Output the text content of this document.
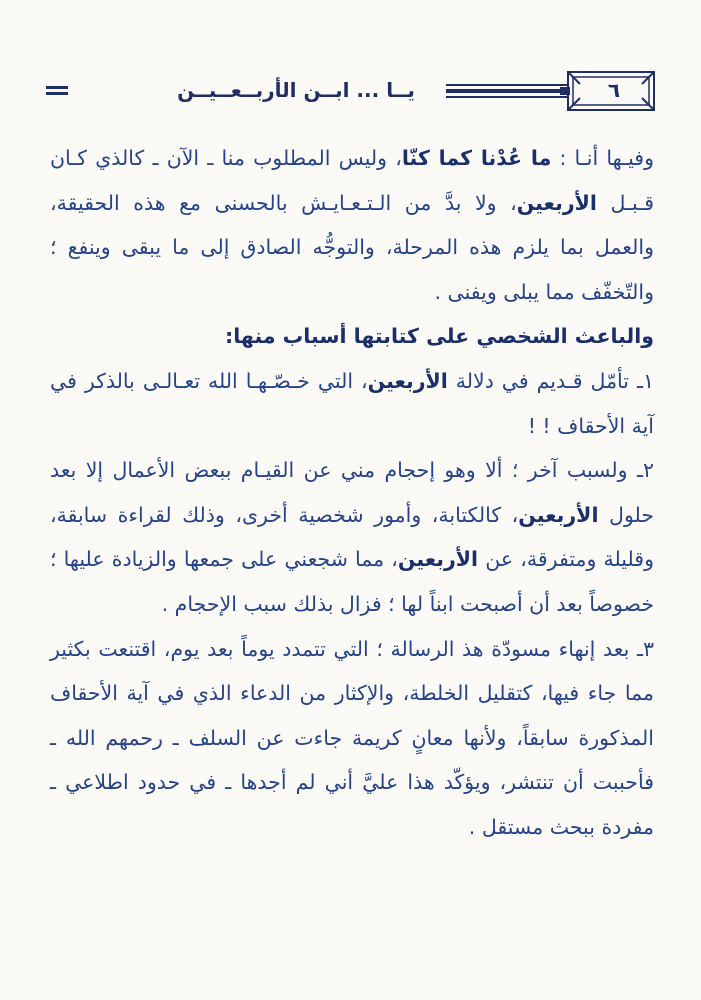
يــا ... ابــن الأربــعــيــن	٦

وفيـها أنـا : ما عُدْنا كما كنّا، وليس المطلوب منا ـ الآن ـ كالذي كـان قـبـل الأربعين، ولا بدَّ من الـتـعـايـش بالحسنى مع هذه الحقيقة، والعمل بما يلزم هذه المرحلة، والتوجُّه الصادق إلى ما يبقى وينفع ؛ والتّخفّف مما يبلى ويفنى .

والباعث الشخصي على كتابتها أسباب منها:

١ـ تأمّل قـديم في دلالة الأربعين، التي خـصّـهـا الله تعـالـى بالذكر في آية الأحقاف ! !

٢ـ ولسبب آخر ؛ ألا وهو إحجام مني عن القيـام ببعض الأعمال إلا بعد حلول الأربعين، كالكتابة، وأمور شخصية أخرى، وذلك لقراءة سابقة، وقليلة ومتفرقة، عن الأربعين، مما شجعني على جمعها والزيادة عليها ؛ خصوصاً بعد أن أصبحت ابناً لها ؛ فزال بذلك سبب الإحجام .

٣ـ بعد إنهاء مسودّة هذ الرسالة ؛ التي تتمدد يوماً بعد يوم، اقتنعت بكثير مما جاء فيها، كتقليل الخلطة، والإكثار من الدعاء الذي في آية الأحقاف المذكورة سابقاً، ولأنها معانٍ كريمة جاءت عن السلف ـ رحمهم الله ـ فأحببت أن تنتشر، ويؤكّد هذا عليَّ أني لم أجدها ـ في حدود اطلاعي ـ مفردة ببحث مستقل .
